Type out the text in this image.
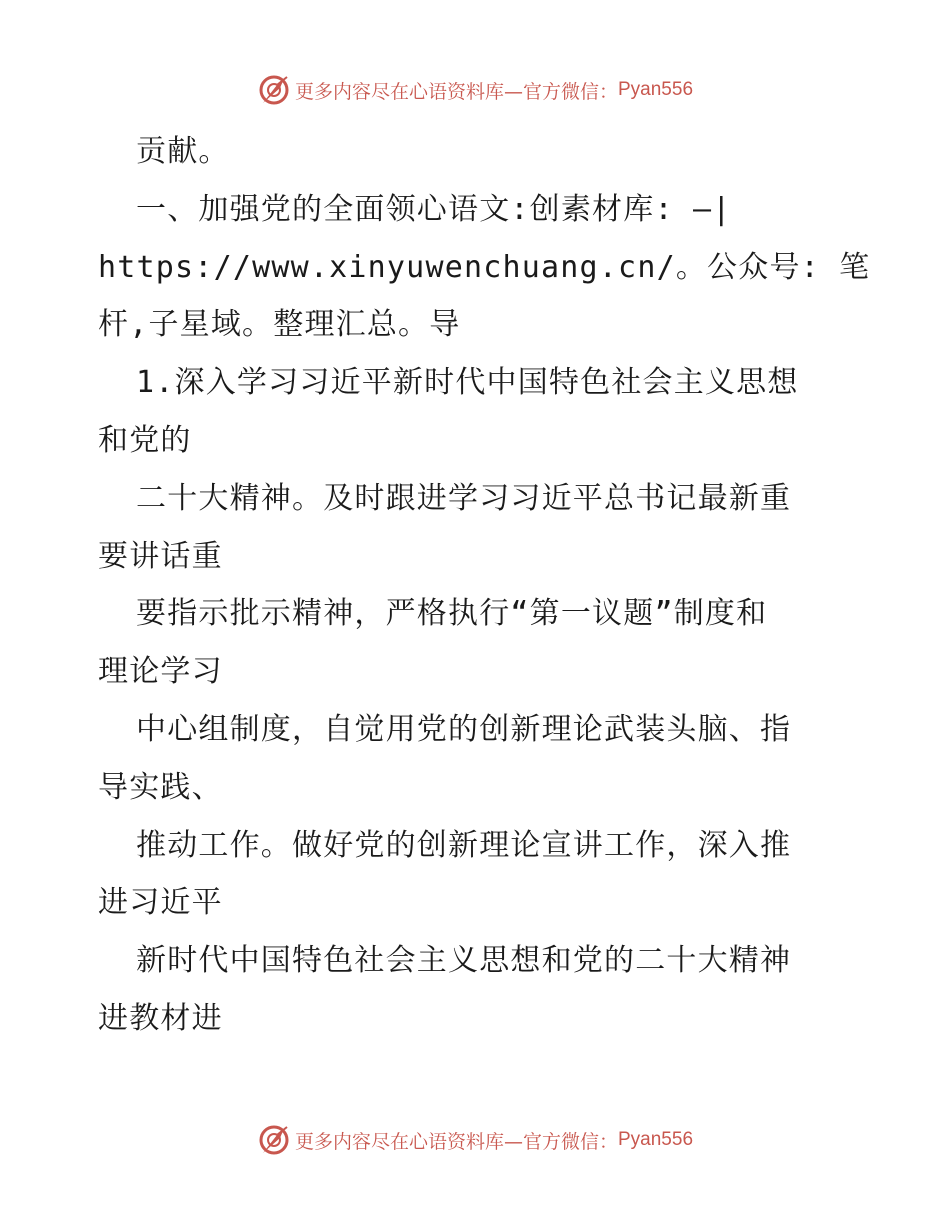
更多内容尽在心语资料库—官方微信： Pyan556
贡献。
一、加强党的全面领心语文:创素材库: —|
https://www.xinyuwenchuang.cn/。公众号: 笔
杆,子星域。整理汇总。导
1.深入学习习近平新时代中国特色社会主义思想
和党的
二十大精神。及时跟进学习习近平总书记最新重
要讲话重
要指示批示精神，严格执行“第一议题”制度和
理论学习
中心组制度，自觉用党的创新理论武装头脑、指
导实践、
推动工作。做好党的创新理论宣讲工作，深入推
进习近平
新时代中国特色社会主义思想和党的二十大精神
进教材进
更多内容尽在心语资料库—官方微信： Pyan556
